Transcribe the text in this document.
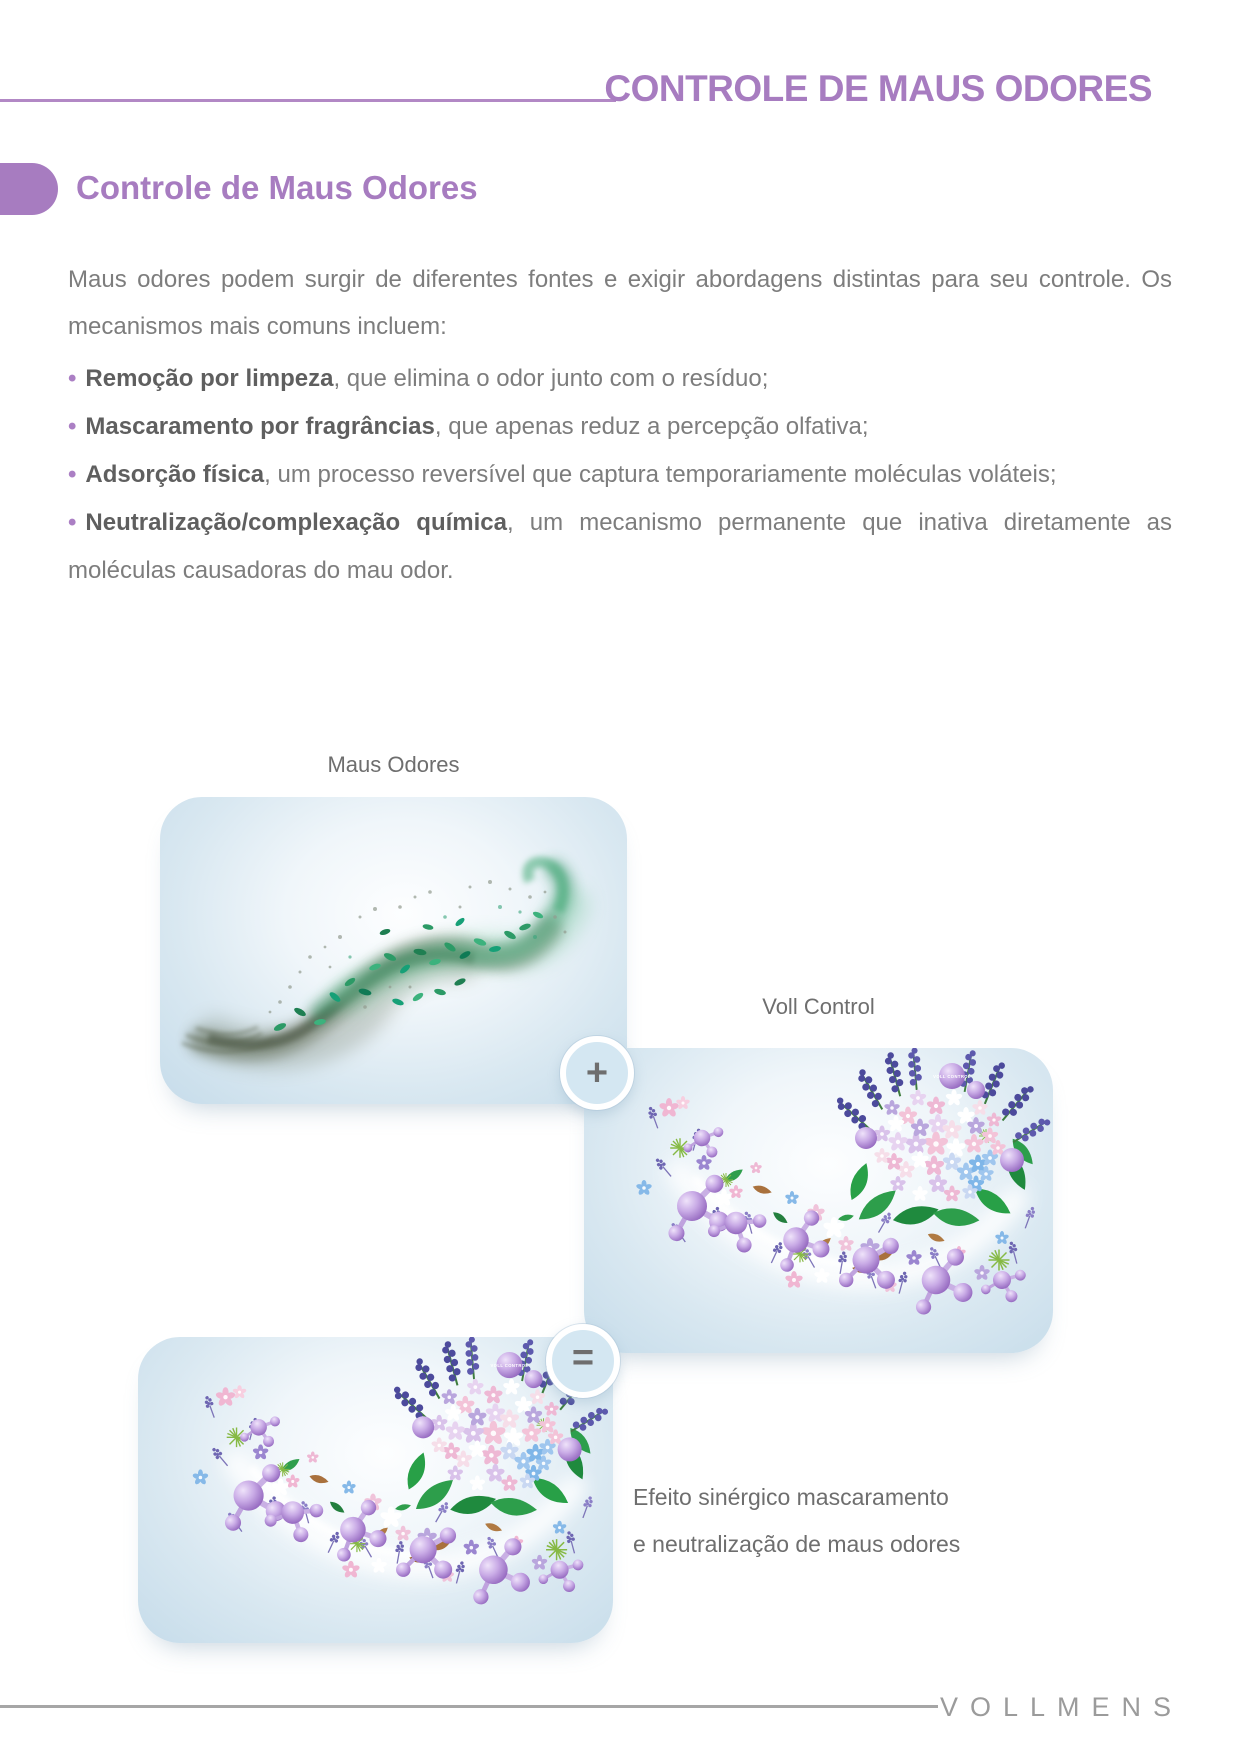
CONTROLE DE MAUS ODORES
Controle de Maus Odores

Maus odores podem surgir de diferentes fontes e exigir abordagens distintas para seu controle. Os mecanismos mais comuns incluem:

• Remoção por limpeza, que elimina o odor junto com o resíduo;
• Mascaramento por fragrâncias, que apenas reduz a percepção olfativa;
• Adsorção física, um processo reversível que captura temporariamente moléculas voláteis;
• Neutralização/complexação química, um mecanismo permanente que inativa diretamente as moléculas causadoras do mau odor.
Maus Odores
+
Voll Control
=
Efeito sinérgico mascaramento
e neutralização de maus odores
VOLLMENS
